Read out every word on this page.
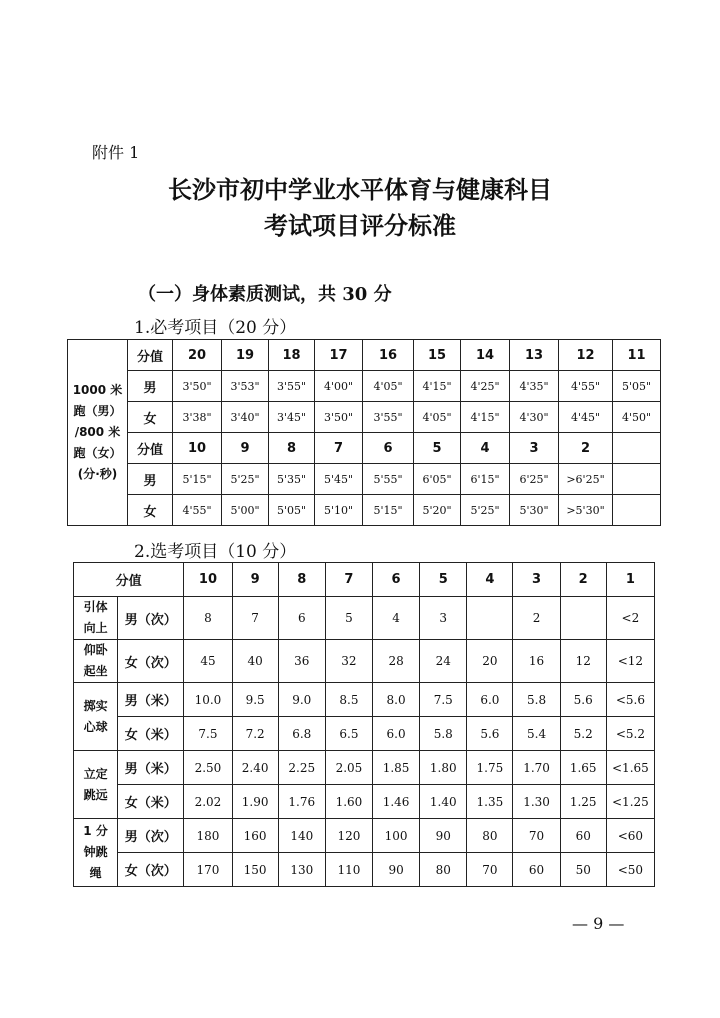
附件 1
长沙市初中学业水平体育与健康科目
考试项目评分标准
（一）身体素质测试，共 30 分
1.必考项目（20 分）
1000 米
跑（男）
/800 米
跑（女）
(分·秒)	分值	20	19	18	17	16	15	14	13	12	11
	男	3'50"	3'53"	3'55"	4'00"	4'05"	4'15"	4'25"	4'35"	4'55"	5'05"
	女	3'38"	3'40"	3'45"	3'50"	3'55"	4'05"	4'15"	4'30"	4'45"	4'50"
	分值	10	9	8	7	6	5	4	3	2	
	男	5'15"	5'25"	5'35"	5'45"	5'55"	6'05"	6'15"	6'25"	>6'25"	
	女	4'55"	5'00"	5'05"	5'10"	5'15"	5'20"	5'25"	5'30"	>5'30"	
2.选考项目（10 分）
分值		10	9	8	7	6	5	4	3	2	1

引体
向上	男（次）	8	7	6	5	4	3		2		<2

仰卧
起坐	女（次）	45	40	36	32	28	24	20	16	12	<12

掷实
心球	男（米）	10.0	9.5	9.0	8.5	8.0	7.5	6.0	5.8	5.6	<5.6
	女（米）	7.5	7.2	6.8	6.5	6.0	5.8	5.6	5.4	5.2	<5.2

立定
跳远	男（米）	2.50	2.40	2.25	2.05	1.85	1.80	1.75	1.70	1.65	<1.65
	女（米）	2.02	1.90	1.76	1.60	1.46	1.40	1.35	1.30	1.25	<1.25

1 分
钟跳
绳	男（次）	180	160	140	120	100	90	80	70	60	<60
	女（次）	170	150	130	110	90	80	70	60	50	<50
— 9 —
